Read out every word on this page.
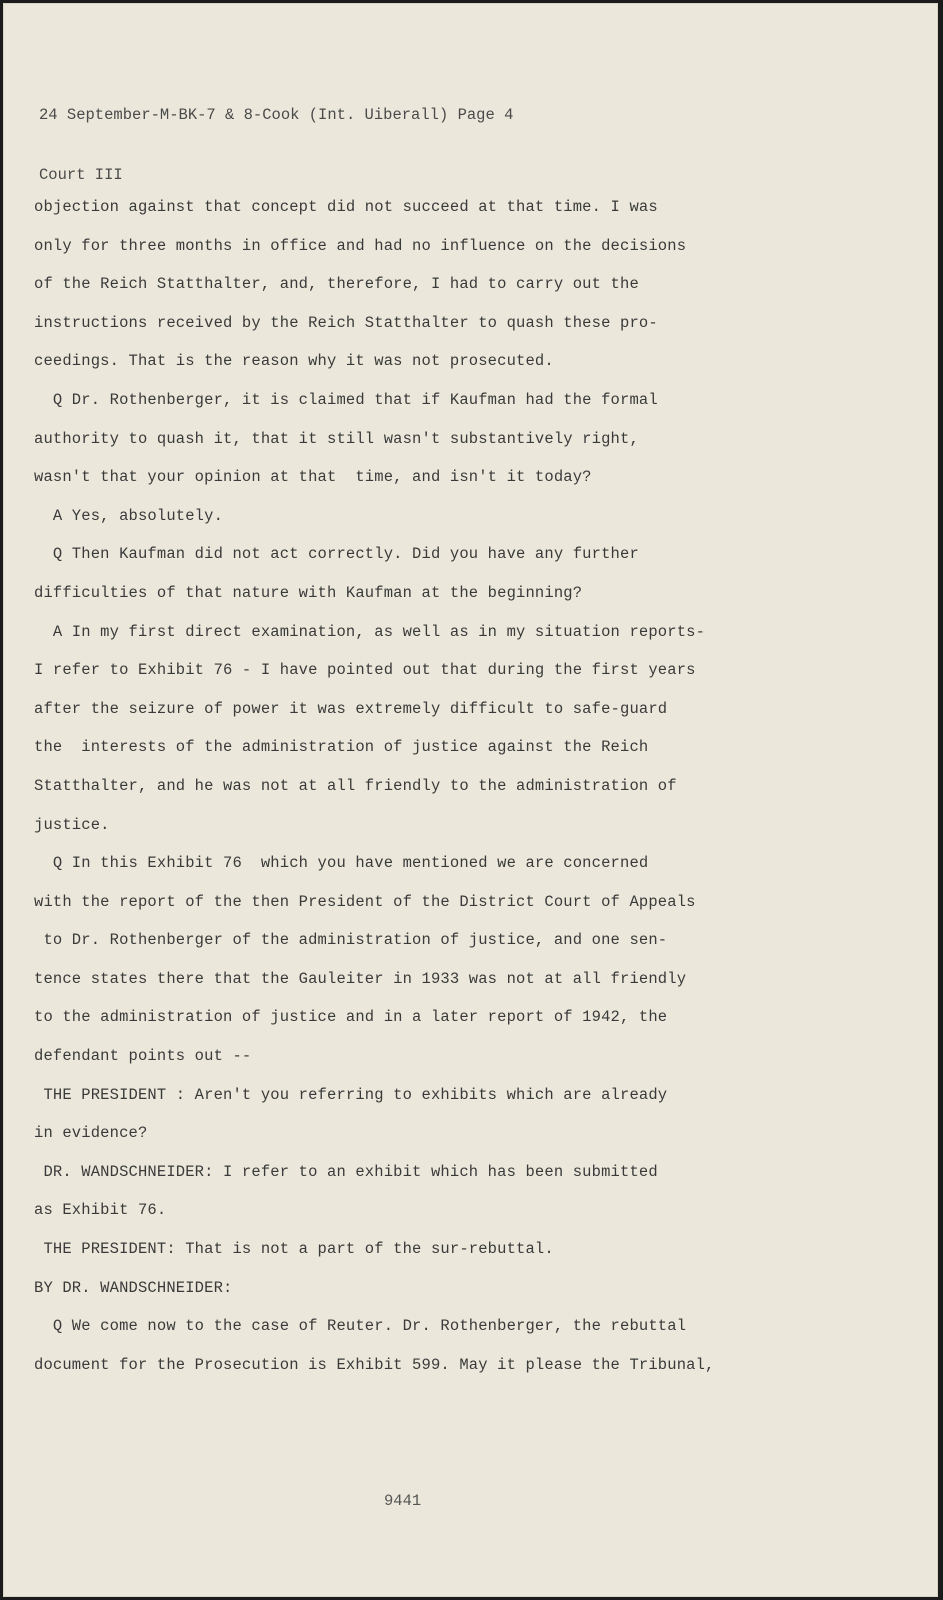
24 September-M-BK-7 & 8-Cook (Int. Uiberall) Page 4

Court III

objection against that concept did not succeed at that time. I was
only for three months in office and had no influence on the decisions
of the Reich Statthalter, and, therefore, I had to carry out the
instructions received by the Reich Statthalter to quash these pro-
ceedings. That is the reason why it was not prosecuted.
Q Dr. Rothenberger, it is claimed that if Kaufman had the formal
authority to quash it, that it still wasn't substantively right,
wasn't that your opinion at that  time, and isn't it today?
A Yes, absolutely.
Q Then Kaufman did not act correctly. Did you have any further
difficulties of that nature with Kaufman at the beginning?
A In my first direct examination, as well as in my situation reports-
I refer to Exhibit 76 - I have pointed out that during the first years
after the seizure of power it was extremely difficult to safe-guard
the  interests of the administration of justice against the Reich
Statthalter, and he was not at all friendly to the administration of
justice.
Q In this Exhibit 76  which you have mentioned we are concerned
with the report of the then President of the District Court of Appeals
to Dr. Rothenberger of the administration of justice, and one sen-
tence states there that the Gauleiter in 1933 was not at all friendly
to the administration of justice and in a later report of 1942, the
defendant points out --
THE PRESIDENT : Aren't you referring to exhibits which are already
in evidence?
DR. WANDSCHNEIDER: I refer to an exhibit which has been submitted
as Exhibit 76.
THE PRESIDENT: That is not a part of the sur-rebuttal.
BY DR. WANDSCHNEIDER:
Q We come now to the case of Reuter. Dr. Rothenberger, the rebuttal
document for the Prosecution is Exhibit 599. May it please the Tribunal,
9441
